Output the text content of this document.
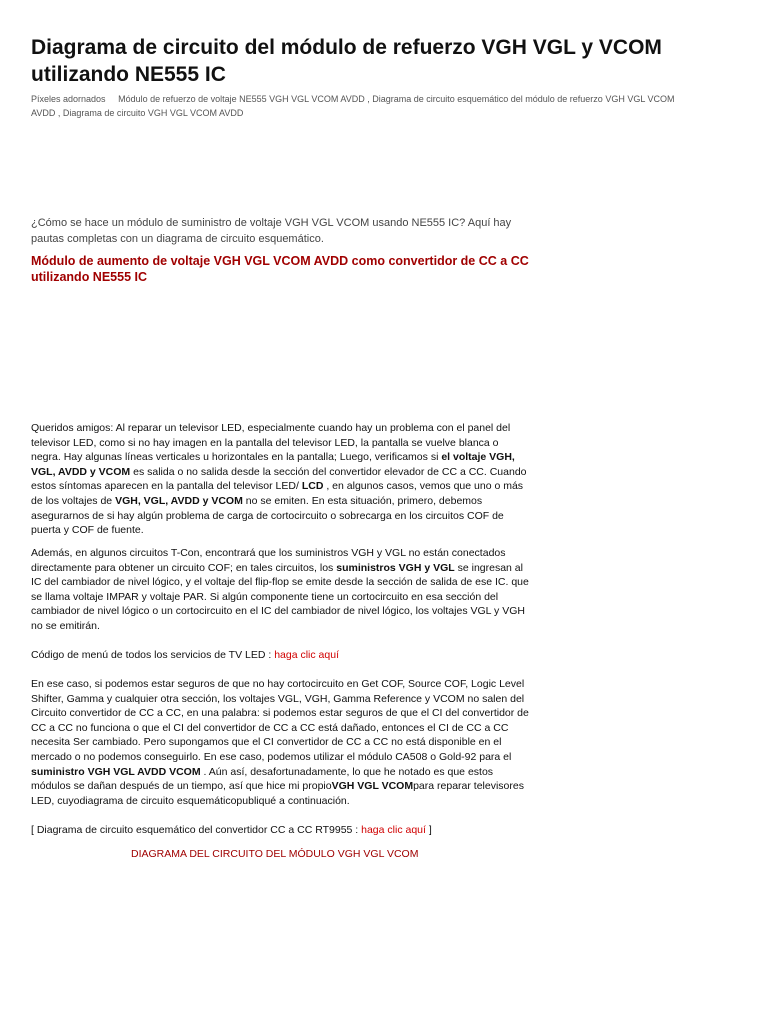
Diagrama de circuito del módulo de refuerzo VGH VGL y VCOM utilizando NE555 IC
Píxeles adornados Módulo de refuerzo de voltaje NE555 VGH VGL VCOM AVDD , Diagrama de circuito esquemático del módulo de refuerzo VGH VGL VCOM AVDD , Diagrama de circuito VGH VGL VCOM AVDD

¿Cómo se hace un módulo de suministro de voltaje VGH VGL VCOM usando NE555 IC? Aquí hay pautas completas con un diagrama de circuito esquemático.

Módulo de aumento de voltaje VGH VGL VCOM AVDD como convertidor de CC a CC utilizando NE555 IC

Queridos amigos: Al reparar un televisor LED, especialmente cuando hay un problema con el panel del televisor LED, como si no hay imagen en la pantalla del televisor LED, la pantalla se vuelve blanca o negra. Hay algunas líneas verticales u horizontales en la pantalla; Luego, verificamos si el voltaje VGH, VGL, AVDD y VCOM es salida o no salida desde la sección del convertidor elevador de CC a CC. Cuando estos síntomas aparecen en la pantalla del televisor LED/ LCD , en algunos casos, vemos que uno o más de los voltajes de VGH, VGL, AVDD y VCOM no se emiten. En esta situación, primero, debemos asegurarnos de si hay algún problema de carga de cortocircuito o sobrecarga en los circuitos COF de puerta y COF de fuente.

Además, en algunos circuitos T-Con, encontrará que los suministros VGH y VGL no están conectados directamente para obtener un circuito COF; en tales circuitos, los suministros VGH y VGL se ingresan al IC del cambiador de nivel lógico, y el voltaje del flip-flop se emite desde la sección de salida de ese IC. que se llama voltaje IMPAR y voltaje PAR. Si algún componente tiene un cortocircuito en esa sección del cambiador de nivel lógico o un cortocircuito en el IC del cambiador de nivel lógico, los voltajes VGL y VGH no se emitirán.

Código de menú de todos los servicios de TV LED : haga clic aquí

En ese caso, si podemos estar seguros de que no hay cortocircuito en Get COF, Source COF, Logic Level Shifter, Gamma y cualquier otra sección, los voltajes VGL, VGH, Gamma Reference y VCOM no salen del Circuito convertidor de CC a CC, en una palabra: si podemos estar seguros de que el CI del convertidor de CC a CC no funciona o que el CI del convertidor de CC a CC está dañado, entonces el CI de CC a CC necesita Ser cambiado. Pero supongamos que el CI convertidor de CC a CC no está disponible en el mercado o no podemos conseguirlo. En ese caso, podemos utilizar el módulo CA508 o Gold-92 para el suministro VGH VGL AVDD VCOM . Aún así, desafortunadamente, lo que he notado es que estos módulos se dañan después de un tiempo, así que hice mi propioVGH VGL VCOMpara reparar televisores LED, cuyodiagrama de circuito esquemáticopubliqué a continuación.

[ Diagrama de circuito esquemático del convertidor CC a CC RT9955 : haga clic aquí ]

DIAGRAMA DEL CIRCUITO DEL MÓDULO VGH VGL VCOM
